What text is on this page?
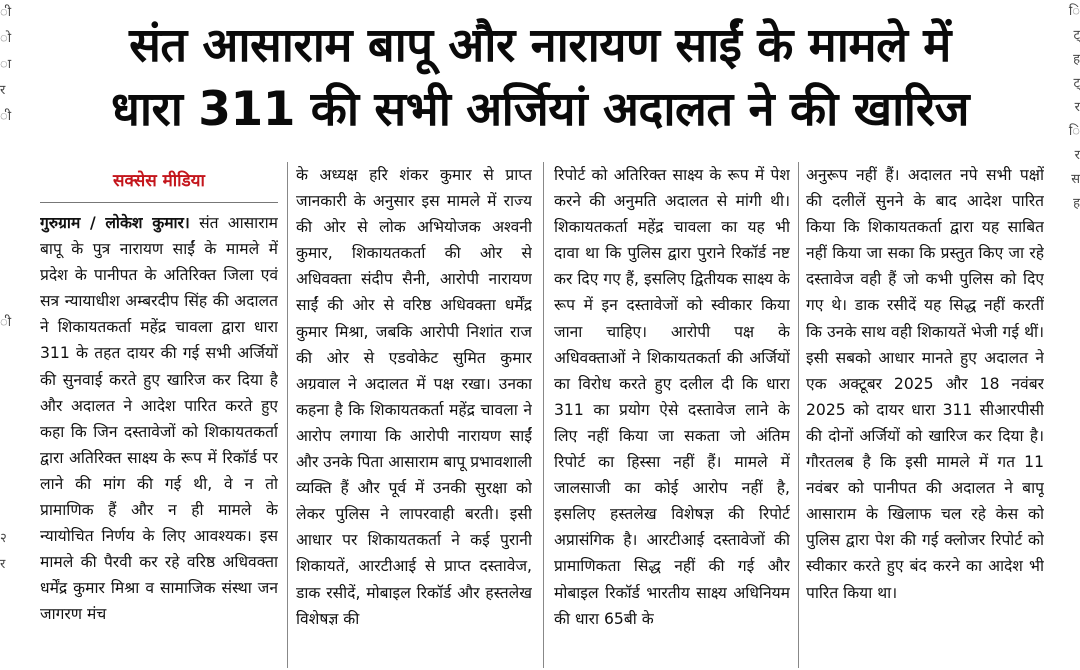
ी
ो
ा
र
ी
ी
२
र
ि
ट्
ह
ट्
र
ि
र
स
ह
संत आसाराम बापू और नारायण साईं के मामले में
धारा 311 की सभी अर्जियां अदालत ने की खारिज
सक्सेस मीडिया
गुरुग्राम / लोकेश कुमार। संत आसाराम बापू के पुत्र नारायण साईं के मामले में प्रदेश के पानीपत के अतिरिक्त जिला एवं सत्र न्यायाधीश अम्बरदीप सिंह की अदालत ने शिकायतकर्ता महेंद्र चावला द्वारा धारा 311 के तहत दायर की गई सभी अर्जियों की सुनवाई करते हुए खारिज कर दिया है और अदालत ने आदेश पारित करते हुए कहा कि जिन दस्तावेजों को शिकायतकर्ता द्वारा अतिरिक्त साक्ष्य के रूप में रिकॉर्ड पर लाने की मांग की गई थी, वे न तो प्रामाणिक हैं और न ही मामले के न्यायोचित निर्णय के लिए आवश्यक। इस मामले की पैरवी कर रहे वरिष्ठ अधिवक्ता धर्मेंद्र कुमार मिश्रा व सामाजिक संस्था जन जागरण मंच
के अध्यक्ष हरि शंकर कुमार से प्राप्त जानकारी के अनुसार इस मामले में राज्य की ओर से लोक अभियोजक अश्वनी कुमार, शिकायतकर्ता की ओर से अधिवक्ता संदीप सैनी, आरोपी नारायण साईं की ओर से वरिष्ठ अधिवक्ता धर्मेंद्र कुमार मिश्रा, जबकि आरोपी निशांत राज की ओर से एडवोकेट सुमित कुमार अग्रवाल ने अदालत में पक्ष रखा। उनका कहना है कि शिकायतकर्ता महेंद्र चावला ने आरोप लगाया कि आरोपी नारायण साईं और उनके पिता आसाराम बापू प्रभावशाली व्यक्ति हैं और पूर्व में उनकी सुरक्षा को लेकर पुलिस ने लापरवाही बरती। इसी आधार पर शिकायतकर्ता ने कई पुरानी शिकायतें, आरटीआई से प्राप्त दस्तावेज, डाक रसीदें, मोबाइल रिकॉर्ड और हस्तलेख विशेषज्ञ की
रिपोर्ट को अतिरिक्त साक्ष्य के रूप में पेश करने की अनुमति अदालत से मांगी थी। शिकायतकर्ता महेंद्र चावला का यह भी दावा था कि पुलिस द्वारा पुराने रिकॉर्ड नष्ट कर दिए गए हैं, इसलिए द्वितीयक साक्ष्य के रूप में इन दस्तावेजों को स्वीकार किया जाना चाहिए। आरोपी पक्ष के अधिवक्ताओं ने शिकायतकर्ता की अर्जियों का विरोध करते हुए दलील दी कि धारा 311 का प्रयोग ऐसे दस्तावेज लाने के लिए नहीं किया जा सकता जो अंतिम रिपोर्ट का हिस्सा नहीं हैं। मामले में जालसाजी का कोई आरोप नहीं है, इसलिए हस्तलेख विशेषज्ञ की रिपोर्ट अप्रासंगिक है। आरटीआई दस्तावेजों की प्रामाणिकता सिद्ध नहीं की गई और मोबाइल रिकॉर्ड भारतीय साक्ष्य अधिनियम की धारा 65बी के
अनुरूप नहीं हैं। अदालत नपे सभी पक्षों की दलीलें सुनने के बाद आदेश पारित किया कि शिकायतकर्ता द्वारा यह साबित नहीं किया जा सका कि प्रस्तुत किए जा रहे दस्तावेज वही हैं जो कभी पुलिस को दिए गए थे। डाक रसीदें यह सिद्ध नहीं करतीं कि उनके साथ वही शिकायतें भेजी गई थीं। इसी सबको आधार मानते हुए अदालत ने एक अक्टूबर 2025 और 18 नवंबर 2025 को दायर धारा 311 सीआरपीसी की दोनों अर्जियों को खारिज कर दिया है। गौरतलब है कि इसी मामले में गत 11 नवंबर को पानीपत की अदालत ने बापू आसाराम के खिलाफ चल रहे केस को पुलिस द्वारा पेश की गई क्लोजर रिपोर्ट को स्वीकार करते हुए बंद करने का आदेश भी पारित किया था।
